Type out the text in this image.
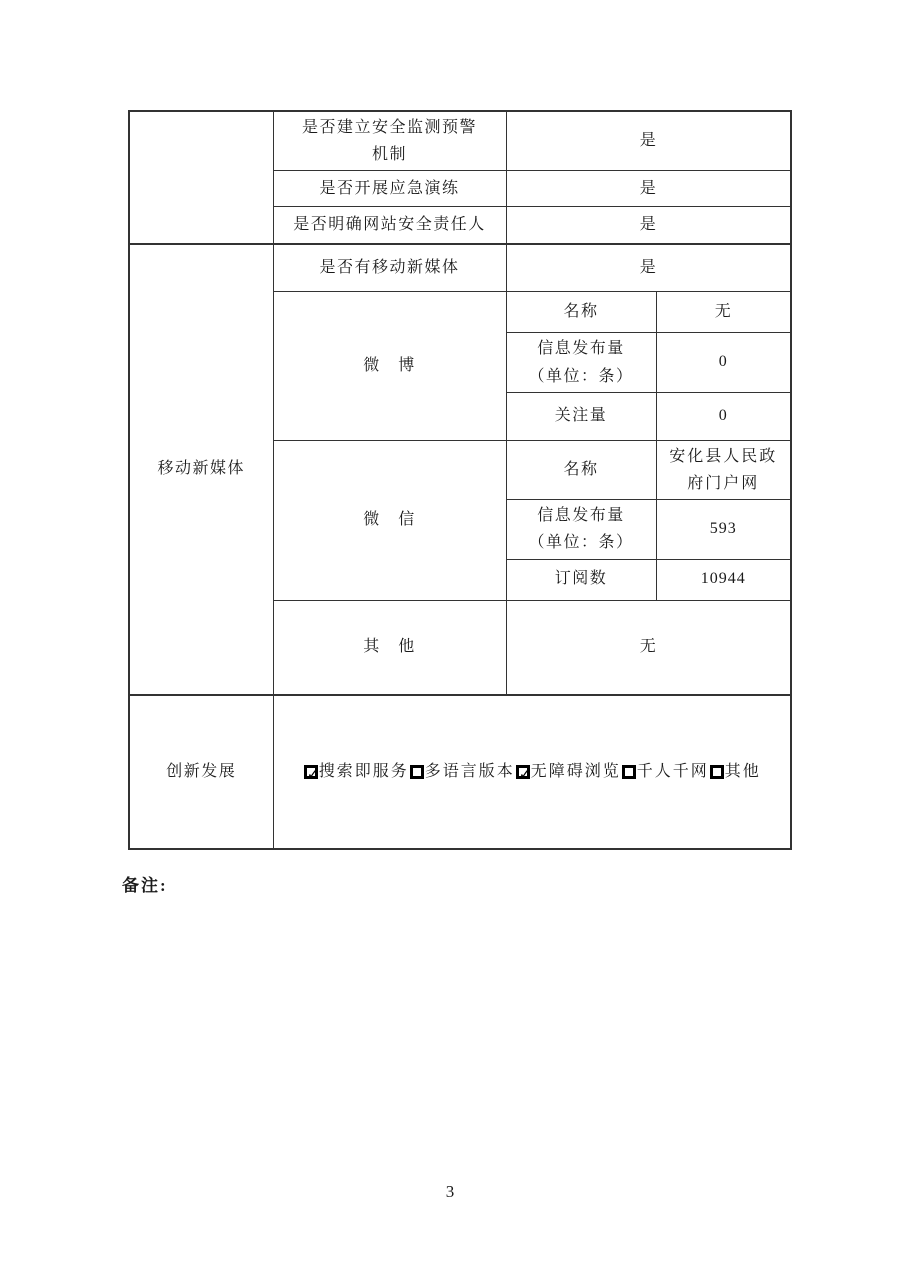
	是否建立安全监测预警
机制	是	
	是否开展应急演练	是	
	是否明确网站安全责任人	是	
移动新媒体	是否有移动新媒体	是	
	微　博	名称	无

		信息发布量
（单位：条）	0
		关注量	0
	微　信	名称	安化县人民政府门户网

		信息发布量
（单位：条）	593
		订阅数	10944
	其　他	无	
创新发展	✓搜索即服务 多语言版本 ✓无障碍浏览 千人千网 其他		
备注:
3
